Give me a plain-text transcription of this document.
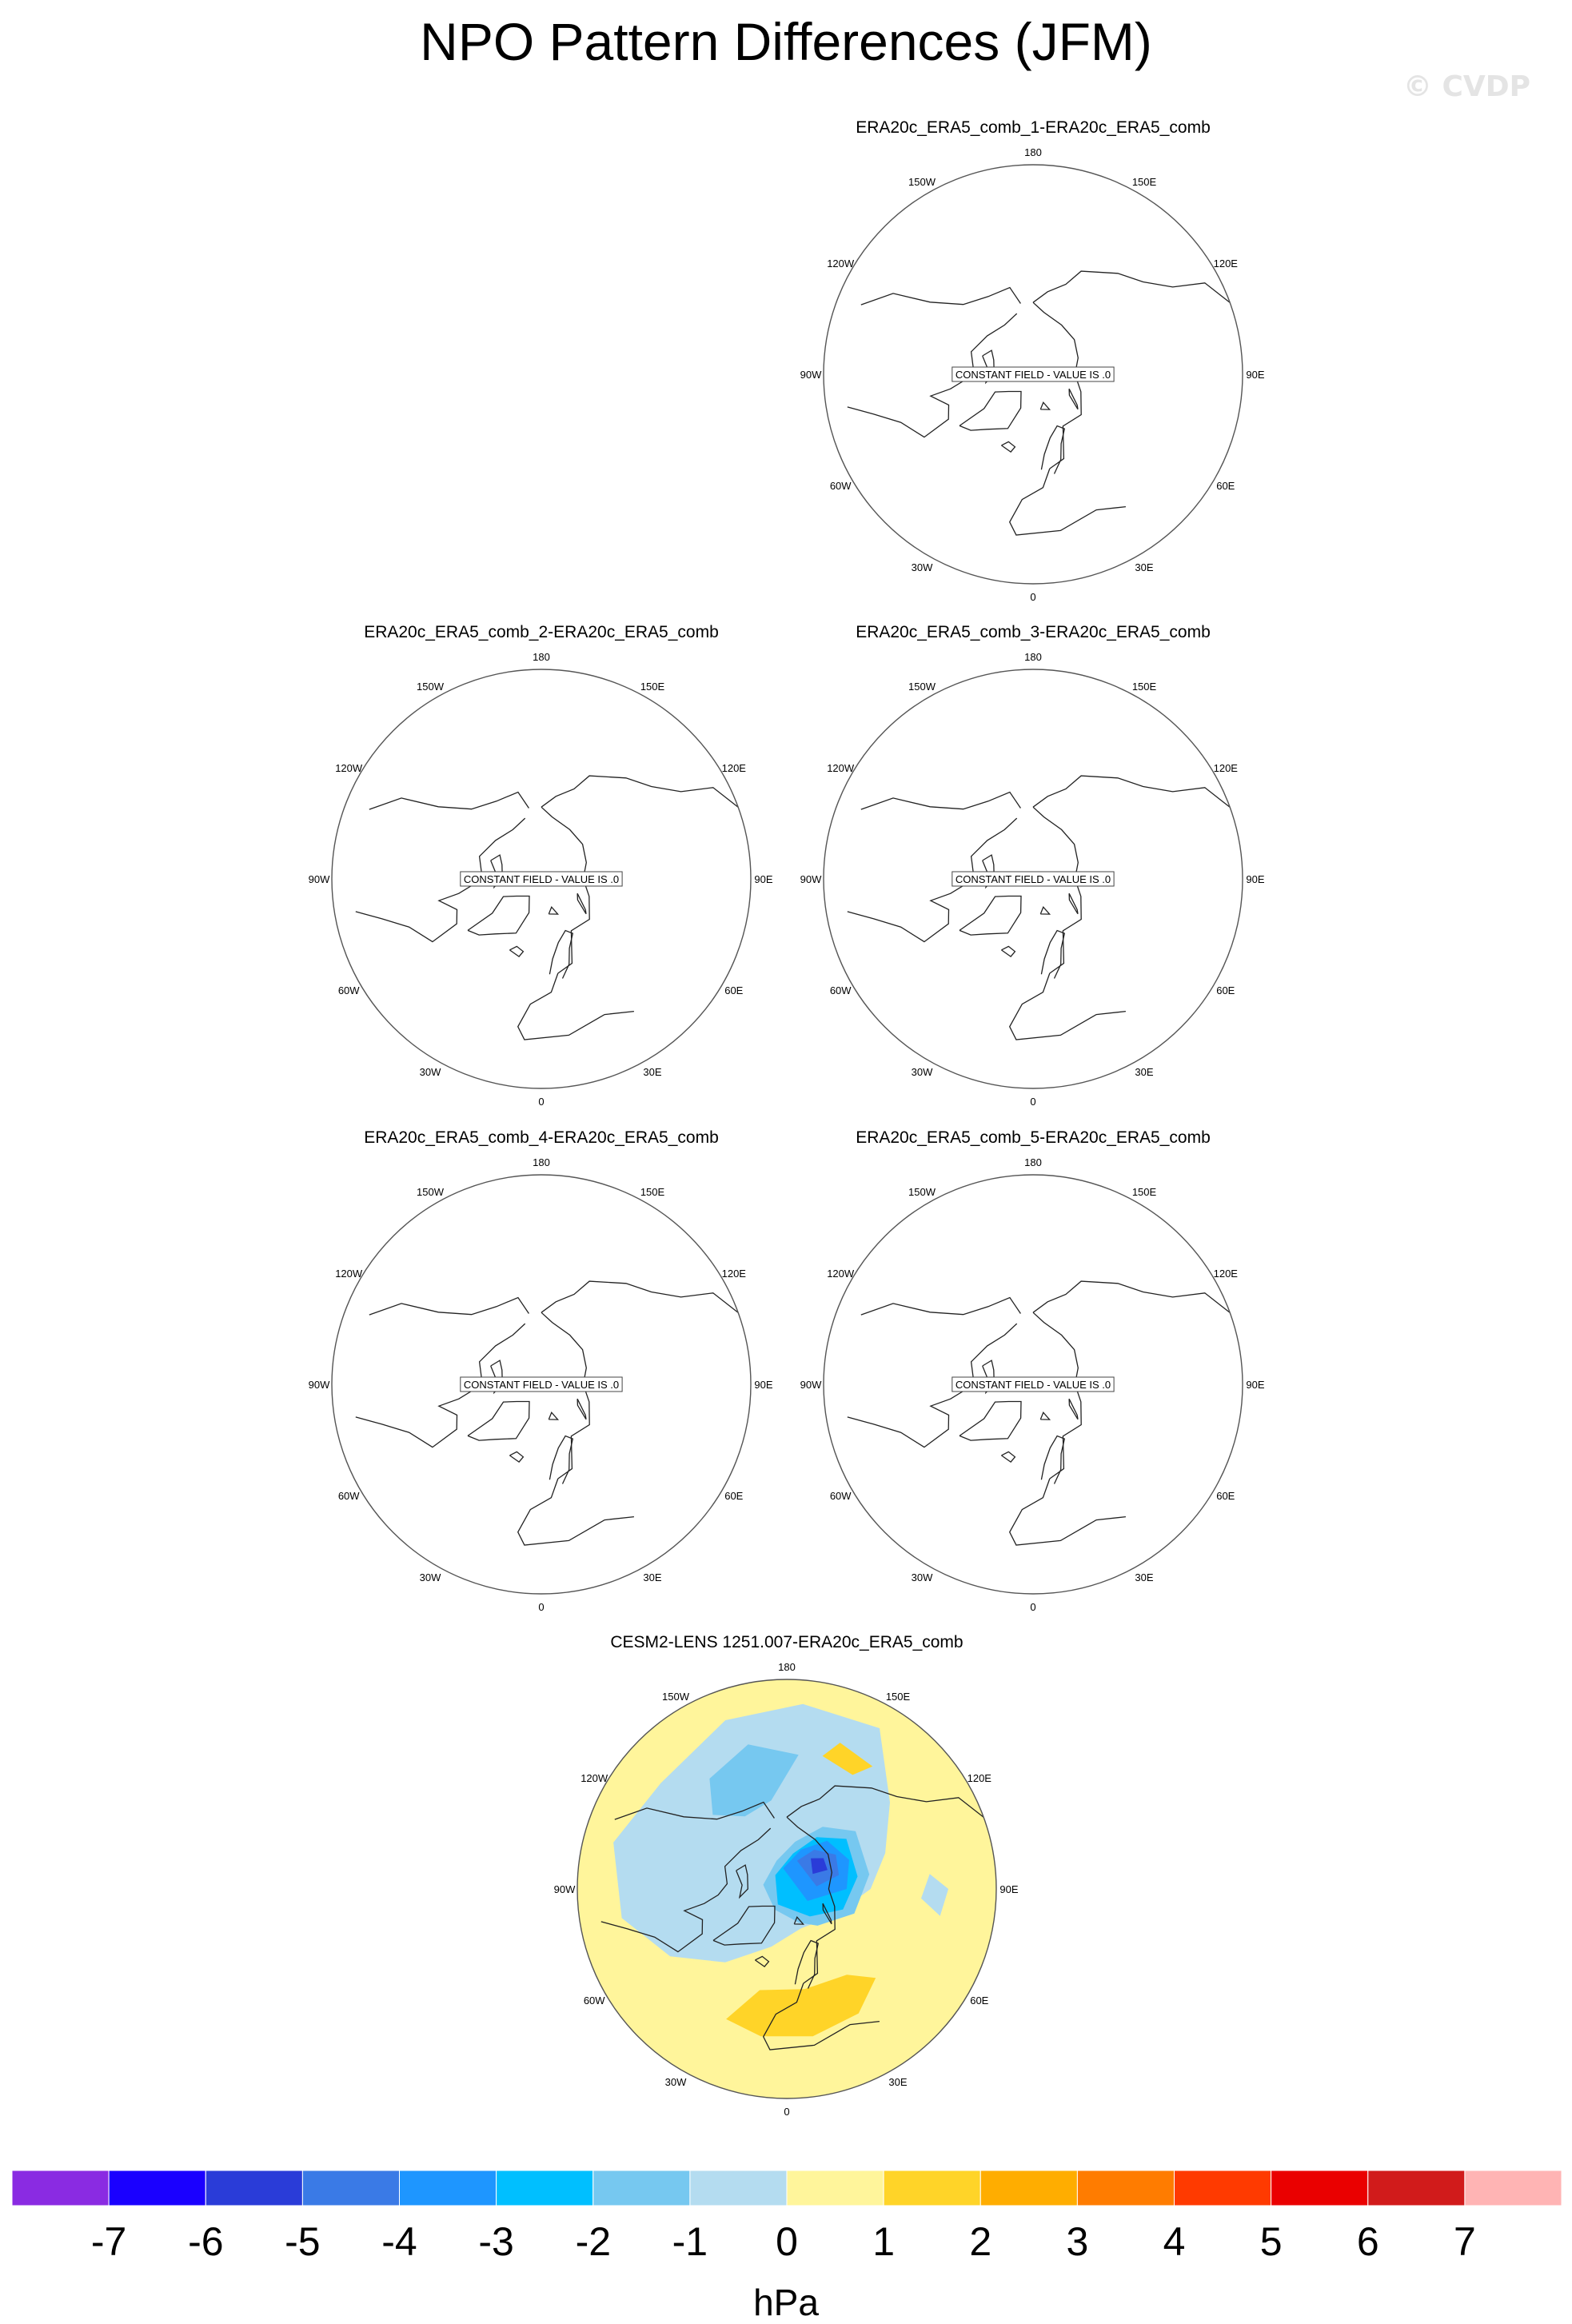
NPO Pattern Differences (JFM)
© CVDP
ERA20c_ERA5_comb_1-ERA20c_ERA5_comb
180
150E
120E
90E
60E
30E
0
30W
60W
90W
120W
150W
CONSTANT FIELD - VALUE IS .0
ERA20c_ERA5_comb_2-ERA20c_ERA5_comb
180
150E
120E
90E
60E
30E
0
30W
60W
90W
120W
150W
CONSTANT FIELD - VALUE IS .0
ERA20c_ERA5_comb_3-ERA20c_ERA5_comb
180
150E
120E
90E
60E
30E
0
30W
60W
90W
120W
150W
CONSTANT FIELD - VALUE IS .0
ERA20c_ERA5_comb_4-ERA20c_ERA5_comb
180
150E
120E
90E
60E
30E
0
30W
60W
90W
120W
150W
CONSTANT FIELD - VALUE IS .0
ERA20c_ERA5_comb_5-ERA20c_ERA5_comb
180
150E
120E
90E
60E
30E
0
30W
60W
90W
120W
150W
CONSTANT FIELD - VALUE IS .0
CESM2-LENS 1251.007-ERA20c_ERA5_comb
180
150E
120E
90E
60E
30E
0
30W
60W
90W
120W
150W
-7 -6 -5 -4 -3 -2 -1 0 1 2 3 4 5 6 7
hPa
